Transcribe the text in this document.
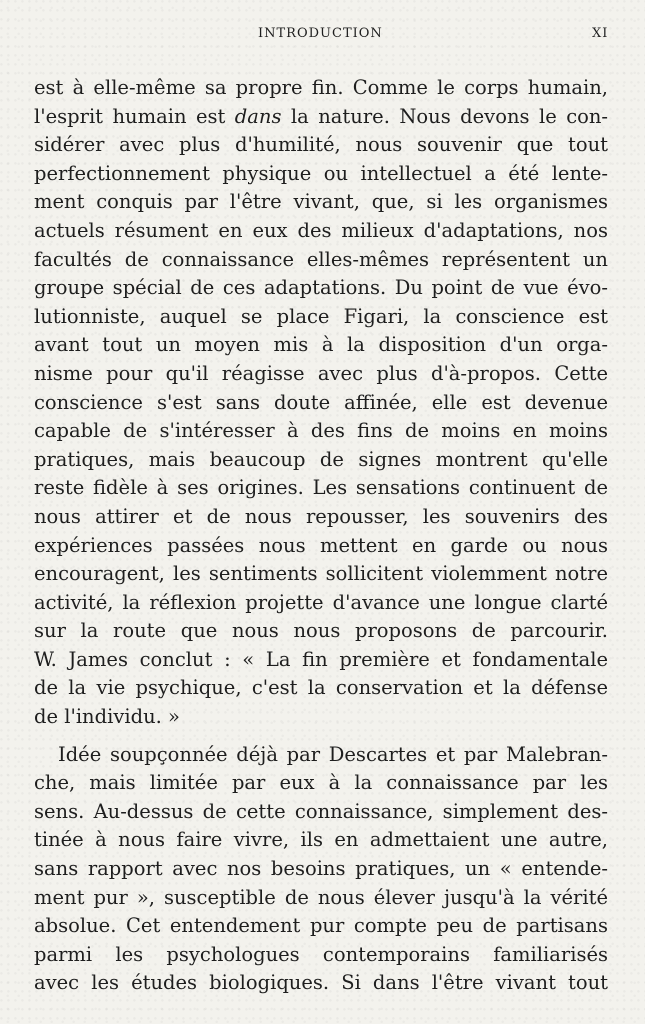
INTRODUCTION	XI
est à elle-même sa propre fin. Comme le corps humain,
l'esprit humain est dans la nature. Nous devons le con-
sidérer avec plus d'humilité, nous souvenir que tout
perfectionnement physique ou intellectuel a été lente-
ment conquis par l'être vivant, que, si les organismes
actuels résument en eux des milieux d'adaptations, nos
facultés de connaissance elles-mêmes représentent un
groupe spécial de ces adaptations. Du point de vue évo-
lutionniste, auquel se place Figari, la conscience est
avant tout un moyen mis à la disposition d'un orga-
nisme pour qu'il réagisse avec plus d'à-propos. Cette
conscience s'est sans doute affinée, elle est devenue
capable de s'intéresser à des fins de moins en moins
pratiques, mais beaucoup de signes montrent qu'elle
reste fidèle à ses origines. Les sensations continuent de
nous attirer et de nous repousser, les souvenirs des
expériences passées nous mettent en garde ou nous
encouragent, les sentiments sollicitent violemment notre
activité, la réflexion projette d'avance une longue clarté
sur la route que nous nous proposons de parcourir.
W. James conclut : « La fin première et fondamentale
de la vie psychique, c'est la conservation et la défense
de l'individu. »
Idée soupçonnée déjà par Descartes et par Malebran-
che, mais limitée par eux à la connaissance par les
sens. Au-dessus de cette connaissance, simplement des-
tinée à nous faire vivre, ils en admettaient une autre,
sans rapport avec nos besoins pratiques, un « entende-
ment pur », susceptible de nous élever jusqu'à la vérité
absolue. Cet entendement pur compte peu de partisans
parmi les psychologues contemporains familiarisés
avec les études biologiques. Si dans l'être vivant tout
